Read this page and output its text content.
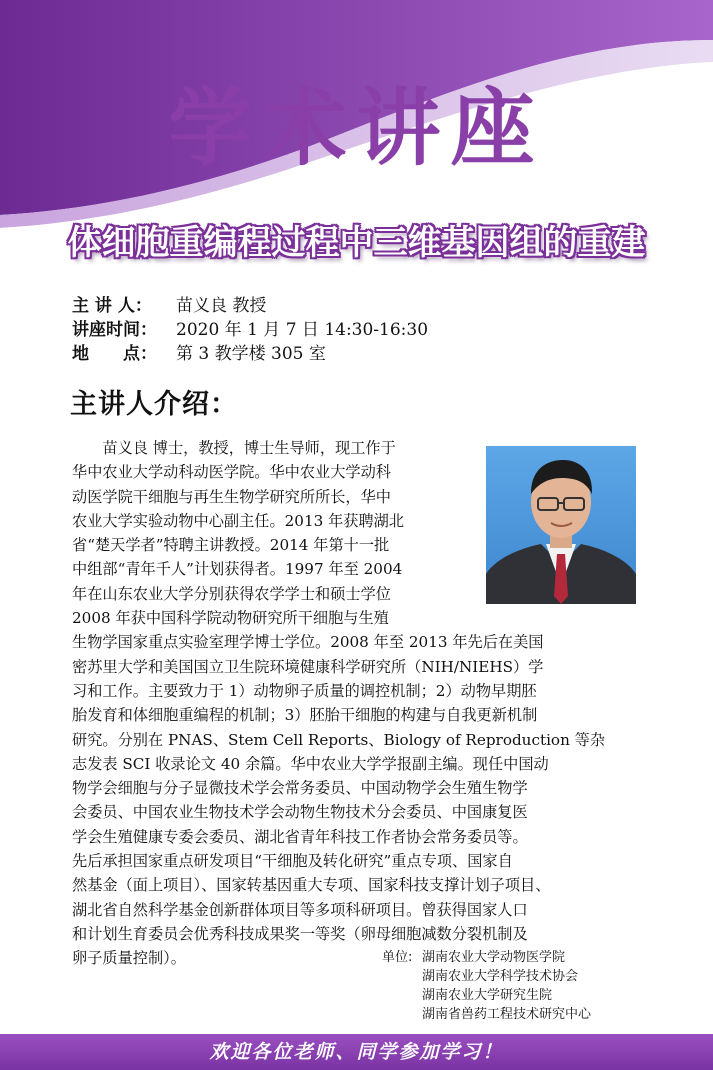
学术讲座
体细胞重编程过程中三维基因组的重建
主 讲 人：	苗义良 教授
讲座时间：	2020 年 1 月 7 日 14:30-16:30
地　　点：	第 3 教学楼 305 室
主讲人介绍：

　　苗义良 博士，教授，博士生导师，现工作于

华中农业大学动科动医学院。华中农业大学动科

动医学院干细胞与再生生物学研究所所长，华中

农业大学实验动物中心副主任。2013 年获聘湖北

省“楚天学者”特聘主讲教授。2014 年第十一批

中组部“青年千人”计划获得者。1997 年至 2004

年在山东农业大学分别获得农学学士和硕士学位

2008 年获中国科学院动物研究所干细胞与生殖

生物学国家重点实验室理学博士学位。2008 年至 2013 年先后在美国

密苏里大学和美国国立卫生院环境健康科学研究所（NIH/NIEHS）学

习和工作。主要致力于 1）动物卵子质量的调控机制；2）动物早期胚

胎发育和体细胞重编程的机制；3）胚胎干细胞的构建与自我更新机制

研究。分别在 PNAS、Stem Cell Reports、Biology of Reproduction 等杂

志发表 SCI 收录论文 40 余篇。华中农业大学学报副主编。现任中国动

物学会细胞与分子显微技术学会常务委员、中国动物学会生殖生物学

会委员、中国农业生物技术学会动物生物技术分会委员、中国康复医

学会生殖健康专委会委员、湖北省青年科技工作者协会常务委员等。

先后承担国家重点研发项目“干细胞及转化研究”重点专项、国家自

然基金（面上项目）、国家转基因重大专项、国家科技支撑计划子项目、

湖北省自然科学基金创新群体项目等多项科研项目。曾获得国家人口

和计划生育委员会优秀科技成果奖一等奖（卵母细胞减数分裂机制及

卵子质量控制）。	单位: 湖南农业大学动物医学院
湖南农业大学科学技术协会
湖南农业大学研究生院
湖南省兽药工程技术研究中心
欢迎各位老师、同学参加学习！
